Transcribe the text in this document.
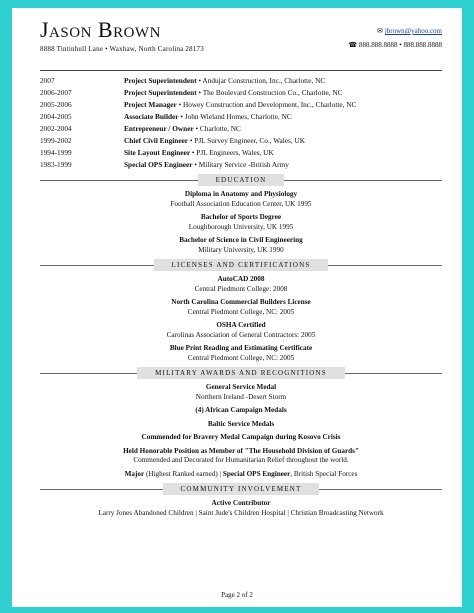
Jason Brown
8888 Tintinhull Lane • Waxhaw, North Carolina 28173
✉ jbrown@yahoo.com
☎ 888.888.8888 • 888.888.8888
2007	Project Superintendent • Andujar Construction, Inc., Charlotte, NC
2006-2007	Project Superintendent • The Boulevard Construction Co., Charlotte, NC
2005-2006	Project Manager • Howey Construction and Development, Inc., Charlotte, NC
2004-2005	Associate Builder • John Wieland Homes, Charlotte, NC
2002-2004	Entrepreneur / Owner • Charlotte, NC
1999-2002	Chief Civil Engineer • PJL Survey Engineer, Co., Wales, UK
1994-1999	Site Layout Engineer • PJL Engineers, Wales, UK
1983-1999	Special OPS Engineer • Military Service -British Army
EDUCATION
Diploma in Anatomy and Physiology
Football Association Education Center, UK 1995
Bachelor of Sports Degree
Loughborough University, UK 1995
Bachelor of Science in Civil Engineering
Military University, UK 1990
LICENSES AND CERTIFICATIONS
AutoCAD 2008
Central Piedmont College: 2008
North Carolina Commercial Builders License
Central Piedmont College, NC: 2005
OSHA Certified
Carolinas Association of General Contractors: 2005
Blue Print Reading and Estimating Certificate
Central Piedmont College, NC: 2005
MILITARY AWARDS AND RECOGNITIONS
General Service Medal
Northern Ireland -Desert Storm
(4) African Campaign Medals
Baltic Service Medals
Commended for Bravery Medal Campaign during Kosovo Crisis
Held Honorable Position as Member of "The Household Division of Guards"
Commended and Decorated for Humanitarian Relief throughout the world.
Major (Highest Ranked earned) | Special OPS Engineer, British Special Forces
COMMUNITY INVOLVEMENT
Active Contributor
Larry Jones Abandoned Children | Saint Jude's Children Hospital | Christian Broadcasting Network
Page 2 of 2
